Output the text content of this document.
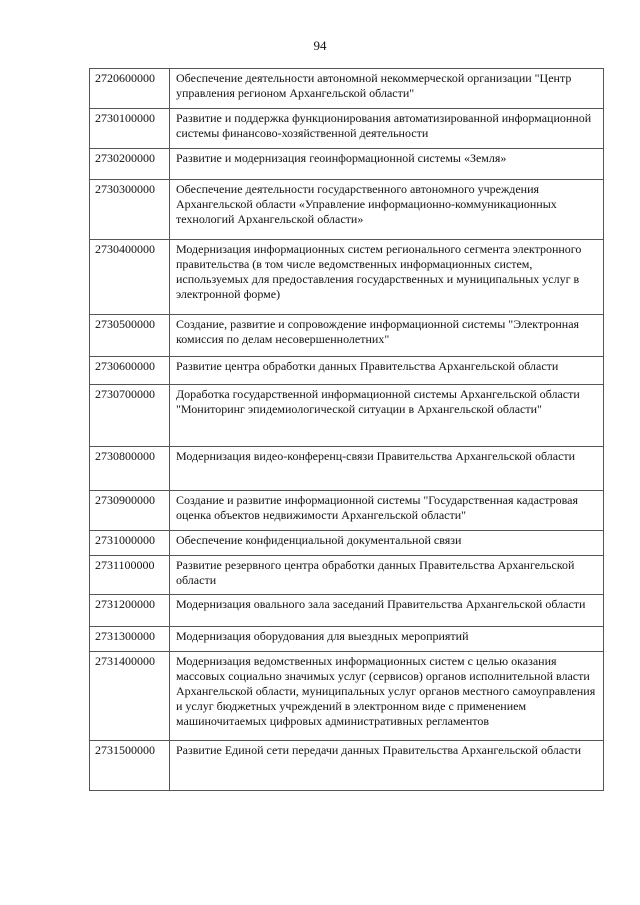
94
2720600000	Обеспечение деятельности автономной некоммерческой организации "Центр управления регионом Архангельской области"
2730100000	Развитие и поддержка функционирования автоматизированной информационной системы финансово-хозяйственной деятельности
2730200000	Развитие и модернизация геоинформационной системы «Земля»
2730300000	Обеспечение деятельности государственного автономного учреждения Архангельской области «Управление информационно-коммуникационных технологий Архангельской области»
2730400000	Модернизация информационных систем регионального сегмента электронного правительства (в том числе ведомственных информационных систем, используемых для предоставления государственных и муниципальных услуг в электронной форме)
2730500000	Создание, развитие и сопровождение информационной системы "Электронная комиссия по делам несовершеннолетних"
2730600000	Развитие центра обработки данных Правительства Архангельской области
2730700000	Доработка государственной информационной системы Архангельской области "Мониторинг эпидемиологической ситуации в Архангельской области"
2730800000	Модернизация видео-конференц-связи Правительства Архангельской области
2730900000	Создание и развитие информационной системы "Государственная кадастровая оценка объектов недвижимости Архангельской области"
2731000000	Обеспечение конфиденциальной документальной связи
2731100000	Развитие резервного центра обработки данных Правительства Архангельской области
2731200000	Модернизация овального зала заседаний Правительства Архангельской области
2731300000	Модернизация оборудования для выездных мероприятий
2731400000	Модернизация ведомственных информационных систем с целью оказания массовых социально значимых услуг (сервисов) органов исполнительной власти Архангельской области, муниципальных услуг органов местного самоуправления и услуг бюджетных учреждений в электронном виде с применением машиночитаемых цифровых административных регламентов
2731500000	Развитие Единой сети передачи данных Правительства Архангельской области
